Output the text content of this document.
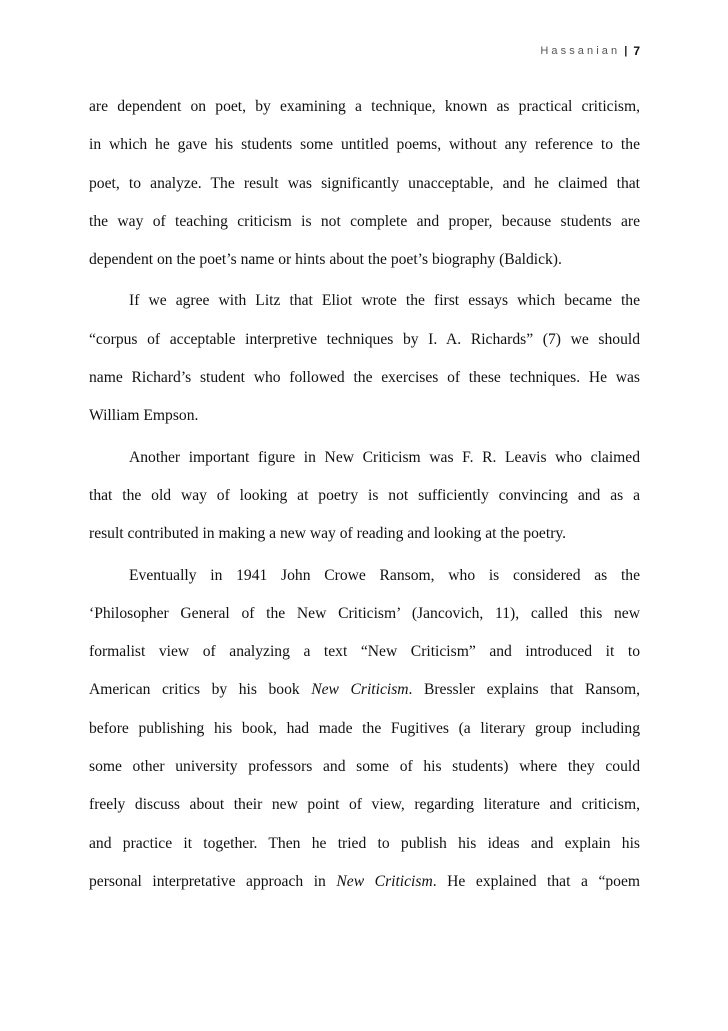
Hassanian | 7

are dependent on poet, by examining a technique, known as practical criticism,
in which he gave his students some untitled poems, without any reference to the
poet, to analyze. The result was significantly unacceptable, and he claimed that
the way of teaching criticism is not complete and proper, because students are
dependent on the poet’s name or hints about the poet’s biography (Baldick).

If we agree with Litz that Eliot wrote the first essays which became the
“corpus of acceptable interpretive techniques by I. A. Richards” (7) we should
name Richard’s student who followed the exercises of these techniques. He was
William Empson.

Another important figure in New Criticism was F. R. Leavis who claimed
that the old way of looking at poetry is not sufficiently convincing and as a
result contributed in making a new way of reading and looking at the poetry.

Eventually in 1941 John Crowe Ransom, who is considered as the
‘Philosopher General of the New Criticism’ (Jancovich, 11), called this new
formalist view of analyzing a text “New Criticism” and introduced it to
American critics by his book New Criticism. Bressler explains that Ransom,
before publishing his book, had made the Fugitives (a literary group including
some other university professors and some of his students) where they could
freely discuss about their new point of view, regarding literature and criticism,
and practice it together. Then he tried to publish his ideas and explain his
personal interpretative approach in New Criticism. He explained that a “poem
